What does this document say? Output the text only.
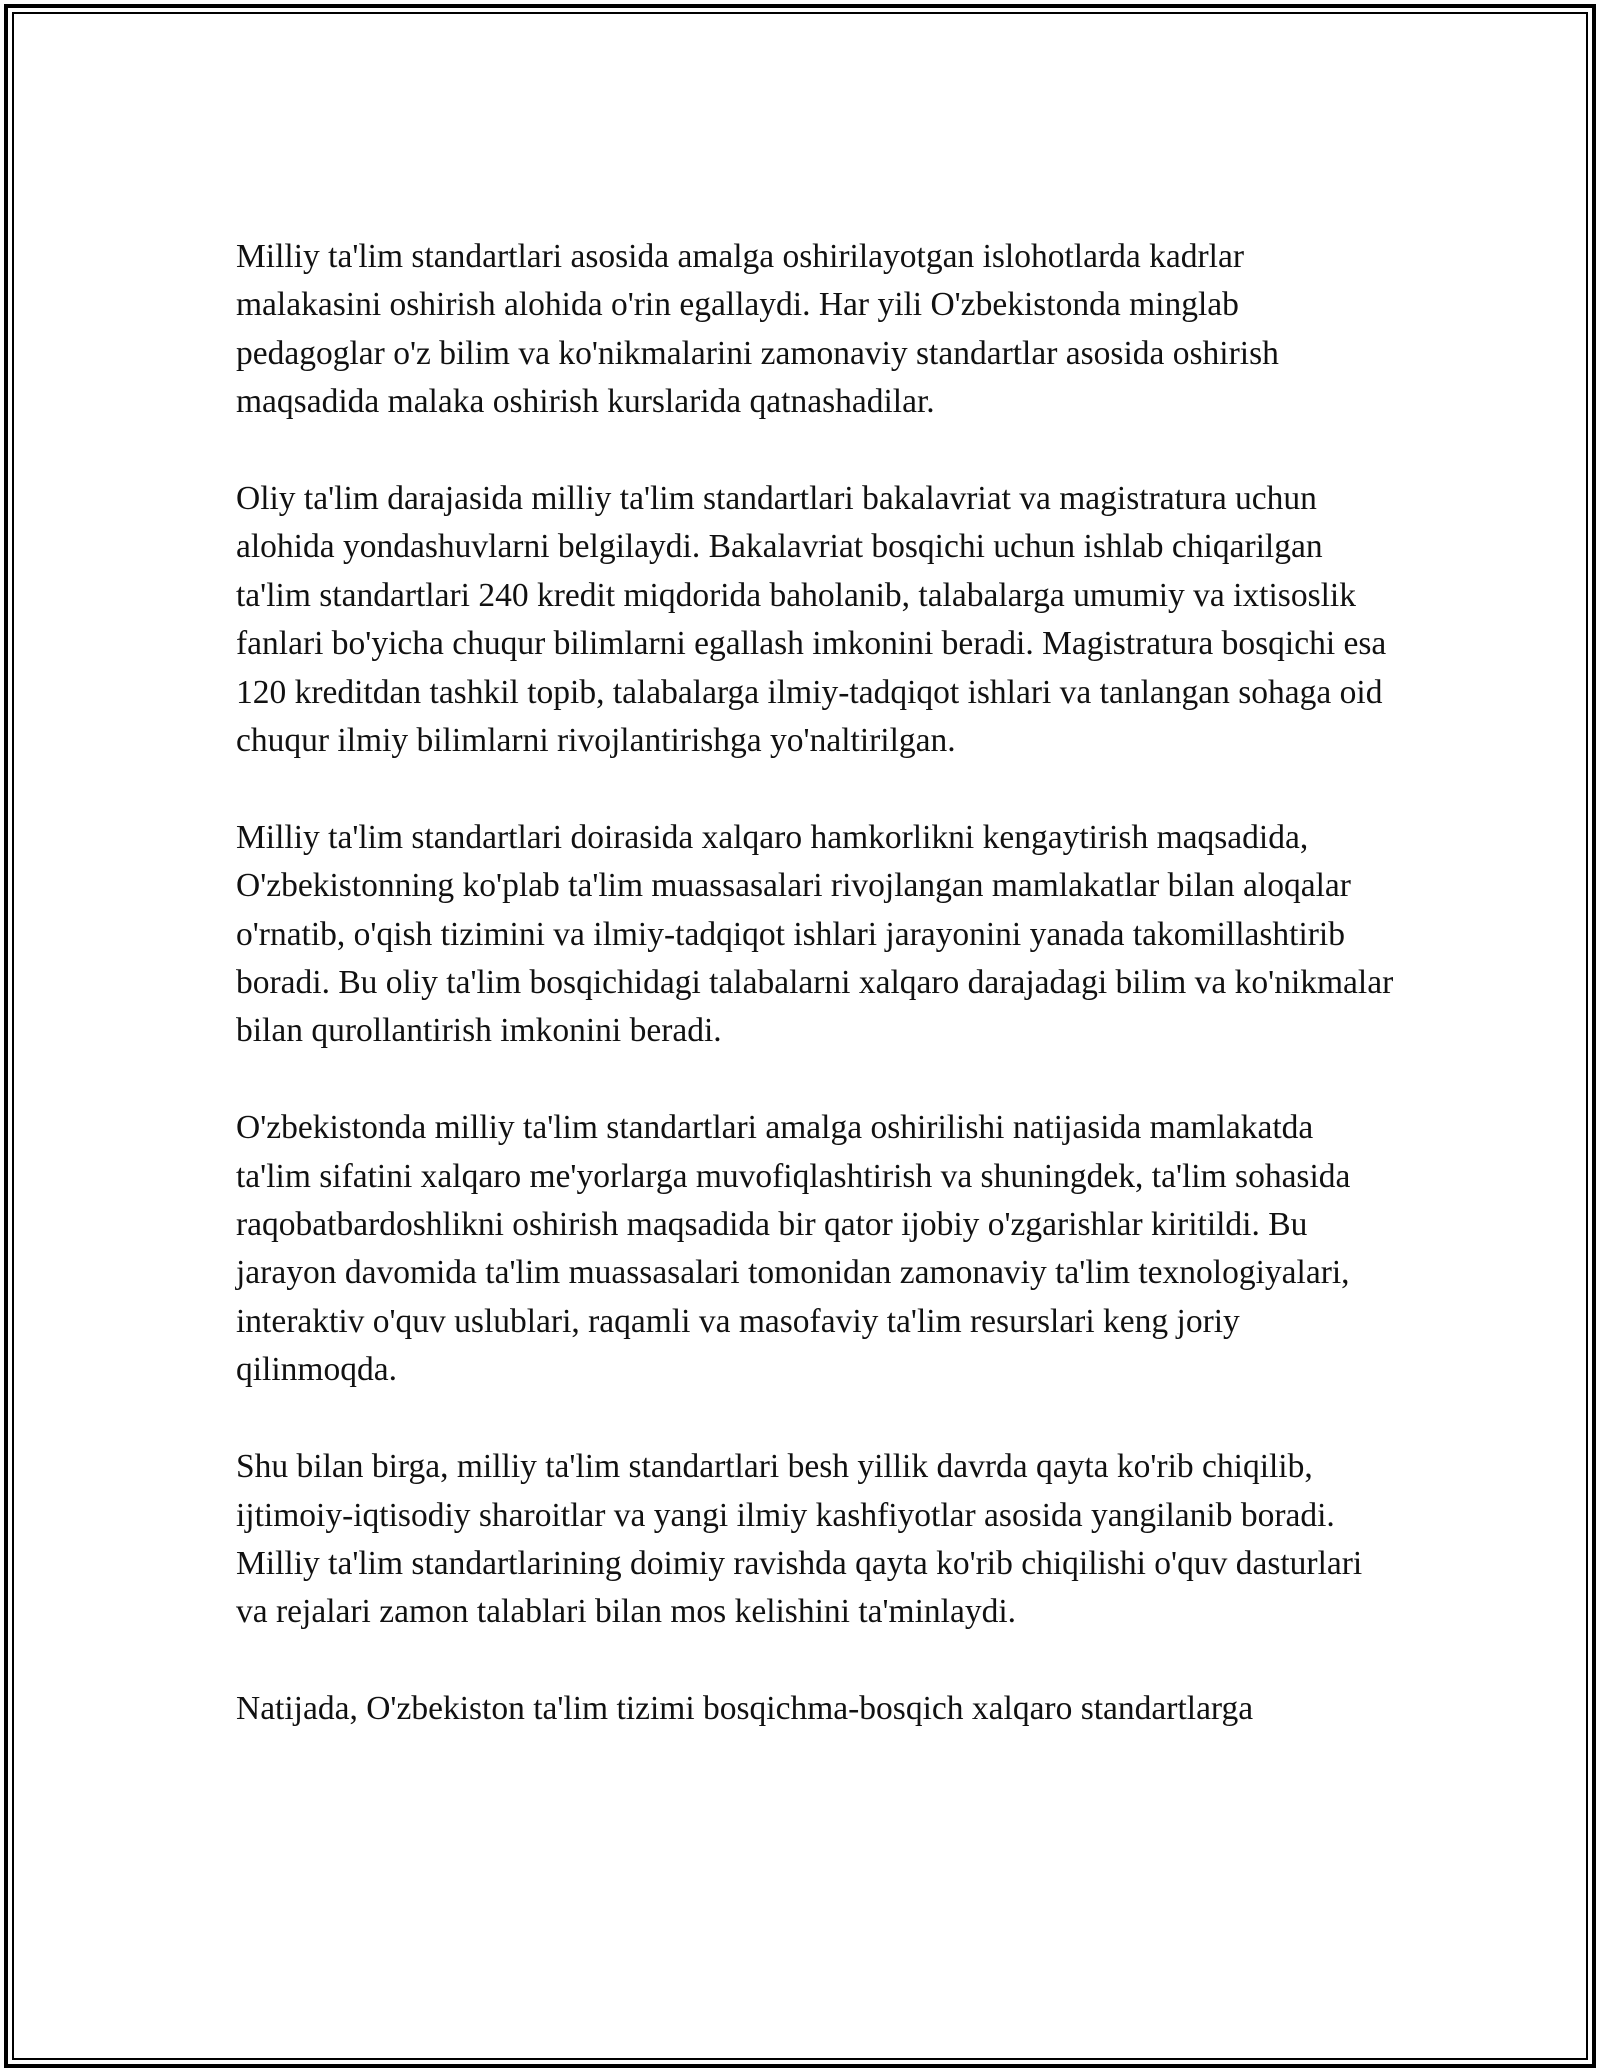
Milliy ta'lim standartlari asosida amalga oshirilayotgan islohotlarda kadrlar malakasini oshirish alohida o'rin egallaydi. Har yili O'zbekistonda minglab pedagoglar o'z bilim va ko'nikmalarini zamonaviy standartlar asosida oshirish maqsadida malaka oshirish kurslarida qatnashadilar.

Oliy ta'lim darajasida milliy ta'lim standartlari bakalavriat va magistratura uchun alohida yondashuvlarni belgilaydi. Bakalavriat bosqichi uchun ishlab chiqarilgan ta'lim standartlari 240 kredit miqdorida baholanib, talabalarga umumiy va ixtisoslik fanlari bo'yicha chuqur bilimlarni egallash imkonini beradi. Magistratura bosqichi esa 120 kreditdan tashkil topib, talabalarga ilmiy-tadqiqot ishlari va tanlangan sohaga oid chuqur ilmiy bilimlarni rivojlantirishga yo'naltirilgan.

Milliy ta'lim standartlari doirasida xalqaro hamkorlikni kengaytirish maqsadida, O'zbekistonning ko'plab ta'lim muassasalari rivojlangan mamlakatlar bilan aloqalar o'rnatib, o'qish tizimini va ilmiy-tadqiqot ishlari jarayonini yanada takomillashtirib boradi. Bu oliy ta'lim bosqichidagi talabalarni xalqaro darajadagi bilim va ko'nikmalar bilan qurollantirish imkonini beradi.

O'zbekistonda milliy ta'lim standartlari amalga oshirilishi natijasida mamlakatda ta'lim sifatini xalqaro me'yorlarga muvofiqlashtirish va shuningdek, ta'lim sohasida raqobatbardoshlikni oshirish maqsadida bir qator ijobiy o'zgarishlar kiritildi. Bu jarayon davomida ta'lim muassasalari tomonidan zamonaviy ta'lim texnologiyalari, interaktiv o'quv uslublari, raqamli va masofaviy ta'lim resurslari keng joriy qilinmoqda.

Shu bilan birga, milliy ta'lim standartlari besh yillik davrda qayta ko'rib chiqilib, ijtimoiy-iqtisodiy sharoitlar va yangi ilmiy kashfiyotlar asosida yangilanib boradi. Milliy ta'lim standartlarining doimiy ravishda qayta ko'rib chiqilishi o'quv dasturlari va rejalari zamon talablari bilan mos kelishini ta'minlaydi.

Natijada, O'zbekiston ta'lim tizimi bosqichma-bosqich xalqaro standartlarga
